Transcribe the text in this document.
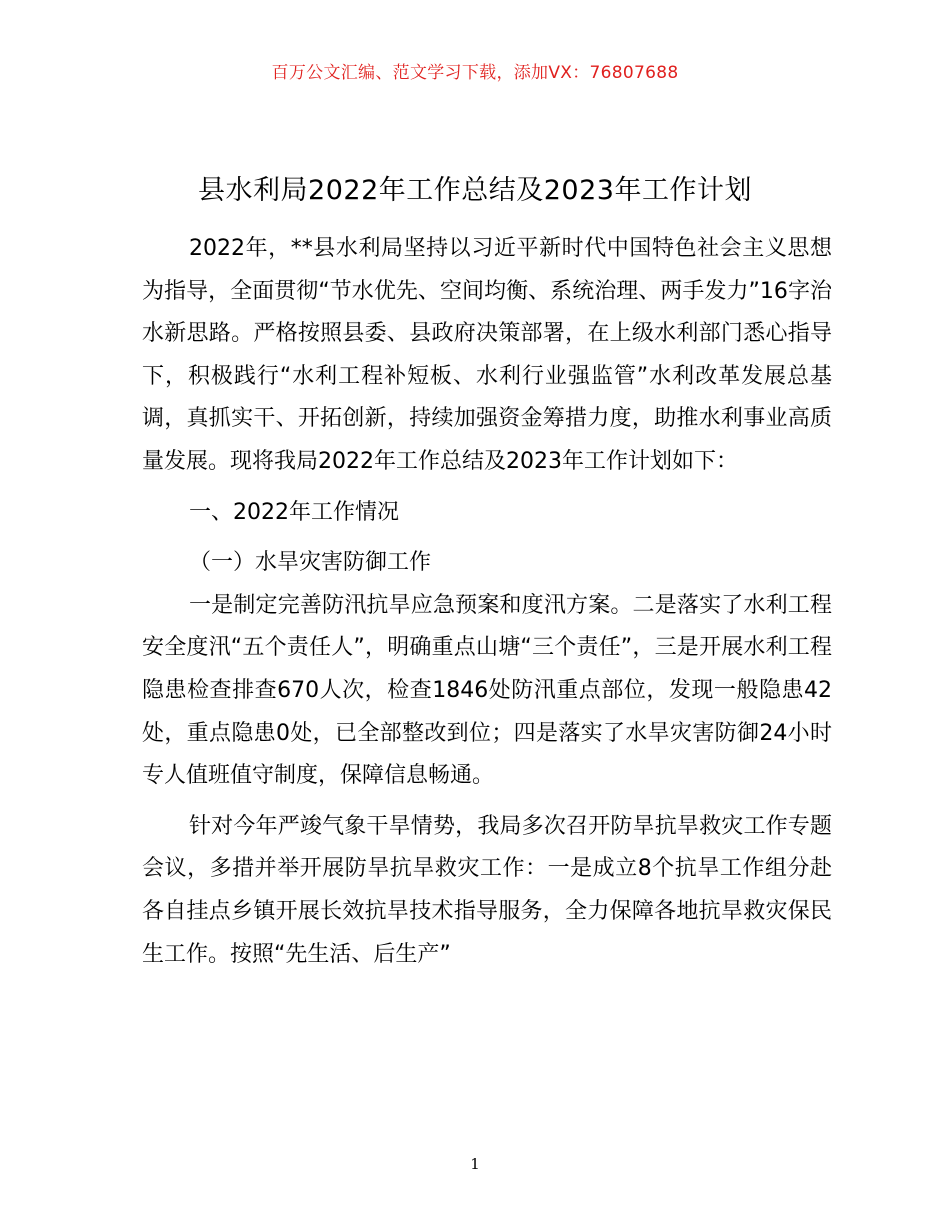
百万公文汇编、范文学习下载，添加VX：76807688
县水利局2022年工作总结及2023年工作计划

2022年，**县水利局坚持以习近平新时代中国特色社会主义思想为指导，全面贯彻“节水优先、空间均衡、系统治理、两手发力”16字治水新思路。严格按照县委、县政府决策部署，在上级水利部门悉心指导下，积极践行“水利工程补短板、水利行业强监管”水利改革发展总基调，真抓实干、开拓创新，持续加强资金筹措力度，助推水利事业高质量发展。现将我局2022年工作总结及2023年工作计划如下：

一、2022年工作情况

（一）水旱灾害防御工作

一是制定完善防汛抗旱应急预案和度汛方案。二是落实了水利工程安全度汛“五个责任人”，明确重点山塘“三个责任”，三是开展水利工程隐患检查排查670人次，检查1846处防汛重点部位，发现一般隐患42处，重点隐患0处，已全部整改到位；四是落实了水旱灾害防御24小时专人值班值守制度，保障信息畅通。

针对今年严竣气象干旱情势，我局多次召开防旱抗旱救灾工作专题会议，多措并举开展防旱抗旱救灾工作：一是成立8个抗旱工作组分赴各自挂点乡镇开展长效抗旱技术指导服务，全力保障各地抗旱救灾保民生工作。按照“先生活、后生产”

1
